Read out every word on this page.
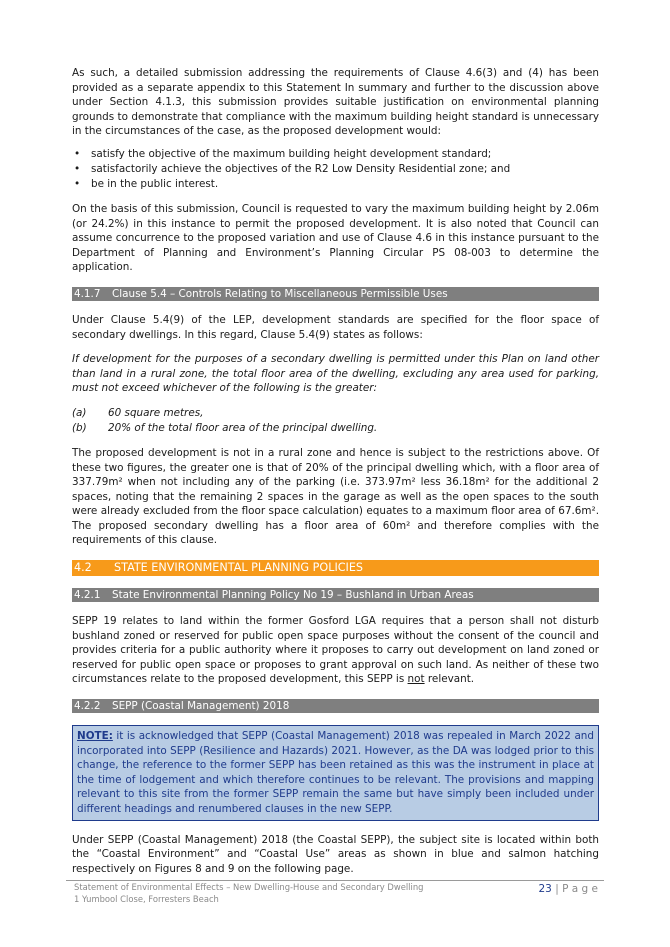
As such, a detailed submission addressing the requirements of Clause 4.6(3) and (4) has been provided as a separate appendix to this Statement In summary and further to the discussion above under Section 4.1.3, this submission provides suitable justification on environmental planning grounds to demonstrate that compliance with the maximum building height standard is unnecessary in the circumstances of the case, as the proposed development would:

• satisfy the objective of the maximum building height development standard;
• satisfactorily achieve the objectives of the R2 Low Density Residential zone; and
• be in the public interest.

On the basis of this submission, Council is requested to vary the maximum building height by 2.06m (or 24.2%) in this instance to permit the proposed development. It is also noted that Council can assume concurrence to the proposed variation and use of Clause 4.6 in this instance pursuant to the Department of Planning and Environment’s Planning Circular PS 08-003 to determine the application.

4.1.7 Clause 5.4 – Controls Relating to Miscellaneous Permissible Uses

Under Clause 5.4(9) of the LEP, development standards are specified for the floor space of secondary dwellings. In this regard, Clause 5.4(9) states as follows:

If development for the purposes of a secondary dwelling is permitted under this Plan on land other than land in a rural zone, the total floor area of the dwelling, excluding any area used for parking, must not exceed whichever of the following is the greater:

(a) 60 square metres,
(b) 20% of the total floor area of the principal dwelling.

The proposed development is not in a rural zone and hence is subject to the restrictions above. Of these two figures, the greater one is that of 20% of the principal dwelling which, with a floor area of 337.79m² when not including any of the parking (i.e. 373.97m² less 36.18m² for the additional 2 spaces, noting that the remaining 2 spaces in the garage as well as the open spaces to the south were already excluded from the floor space calculation) equates to a maximum floor area of 67.6m². The proposed secondary dwelling has a floor area of 60m² and therefore complies with the requirements of this clause.

4.2 STATE ENVIRONMENTAL PLANNING POLICIES
4.2.1 State Environmental Planning Policy No 19 – Bushland in Urban Areas

SEPP 19 relates to land within the former Gosford LGA requires that a person shall not disturb bushland zoned or reserved for public open space purposes without the consent of the council and provides criteria for a public authority where it proposes to carry out development on land zoned or reserved for public open space or proposes to grant approval on such land. As neither of these two circumstances relate to the proposed development, this SEPP is not relevant.

4.2.2 SEPP (Coastal Management) 2018

NOTE: it is acknowledged that SEPP (Coastal Management) 2018 was repealed in March 2022 and incorporated into SEPP (Resilience and Hazards) 2021. However, as the DA was lodged prior to this change, the reference to the former SEPP has been retained as this was the instrument in place at the time of lodgement and which therefore continues to be relevant. The provisions and mapping relevant to this site from the former SEPP remain the same but have simply been included under different headings and renumbered clauses in the new SEPP.

Under SEPP (Coastal Management) 2018 (the Coastal SEPP), the subject site is located within both the “Coastal Environment” and “Coastal Use” areas as shown in blue and salmon hatching respectively on Figures 8 and 9 on the following page.

Statement of Environmental Effects – New Dwelling-House and Secondary Dwelling
1 Yumbool Close, Forresters Beach
23 | P a g e
